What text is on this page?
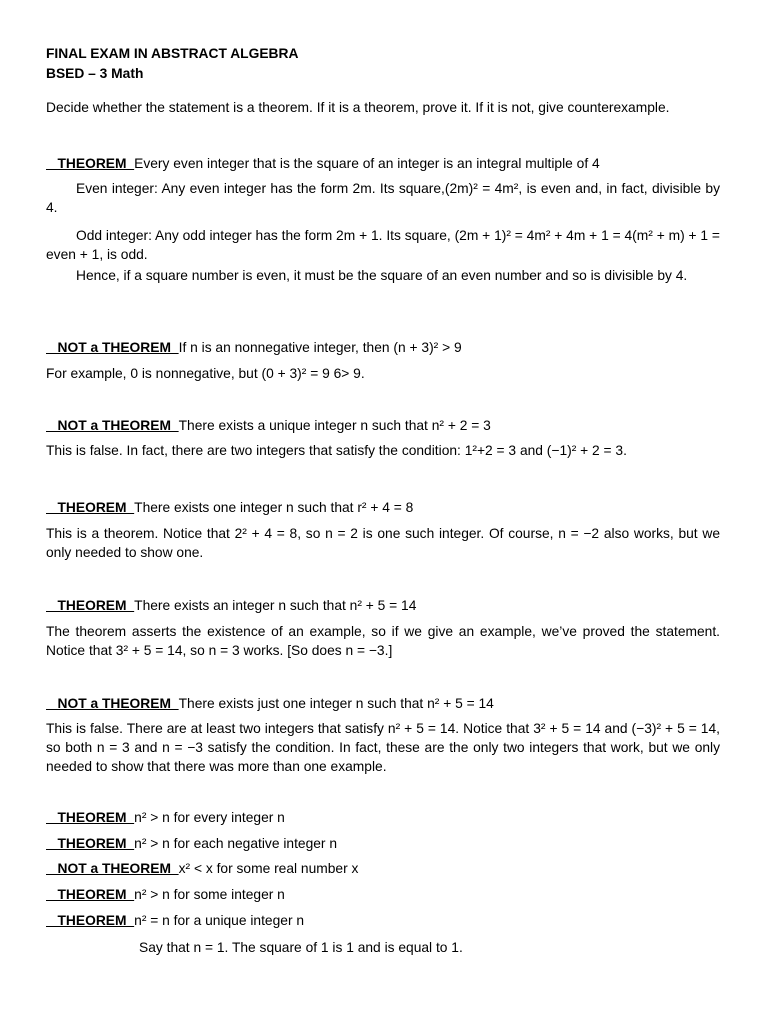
FINAL EXAM IN ABSTRACT ALGEBRA
BSED – 3 Math
Decide whether the statement is a theorem. If it is a theorem, prove it. If it is not, give counterexample.
THEOREM  Every even integer that is the square of an integer is an integral multiple of 4
Even integer: Any even integer has the form 2m. Its square,(2m)² = 4m², is even and, in fact, divisible by 4.
Odd integer: Any odd integer has the form 2m + 1. Its square, (2m + 1)² = 4m² + 4m + 1 = 4(m² + m) + 1 = even + 1, is odd.
Hence, if a square number is even, it must be the square of an even number and so is divisible by 4.
NOT a THEOREM  If n is an nonnegative integer, then (n + 3)² > 9
For example, 0 is nonnegative, but (0 + 3)² = 9 6> 9.
NOT a THEOREM  There exists a unique integer n such that n² + 2 = 3
This is false. In fact, there are two integers that satisfy the condition: 1²+2 = 3 and (−1)² + 2 = 3.
THEOREM  There exists one integer n such that r² + 4 = 8
This is a theorem. Notice that 2² + 4 = 8, so n = 2 is one such integer. Of course, n = −2 also works, but we only needed to show one.
THEOREM  There exists an integer n such that n² + 5 = 14
The theorem asserts the existence of an example, so if we give an example, we’ve proved the statement. Notice that 3² + 5 = 14, so n = 3 works. [So does n = −3.]
NOT a THEOREM  There exists just one integer n such that n² + 5 = 14
This is false. There are at least two integers that satisfy n² + 5 = 14. Notice that 3² + 5 = 14 and (−3)² + 5 = 14, so both n = 3 and n = −3 satisfy the condition. In fact, these are the only two integers that work, but we only needed to show that there was more than one example.
THEOREM  n² > n for every integer n
THEOREM  n² > n for each negative integer n
NOT a THEOREM  x² < x for some real number x
THEOREM  n² > n for some integer n
THEOREM  n² = n for a unique integer n
Say that n = 1. The square of 1 is 1 and is equal to 1.
